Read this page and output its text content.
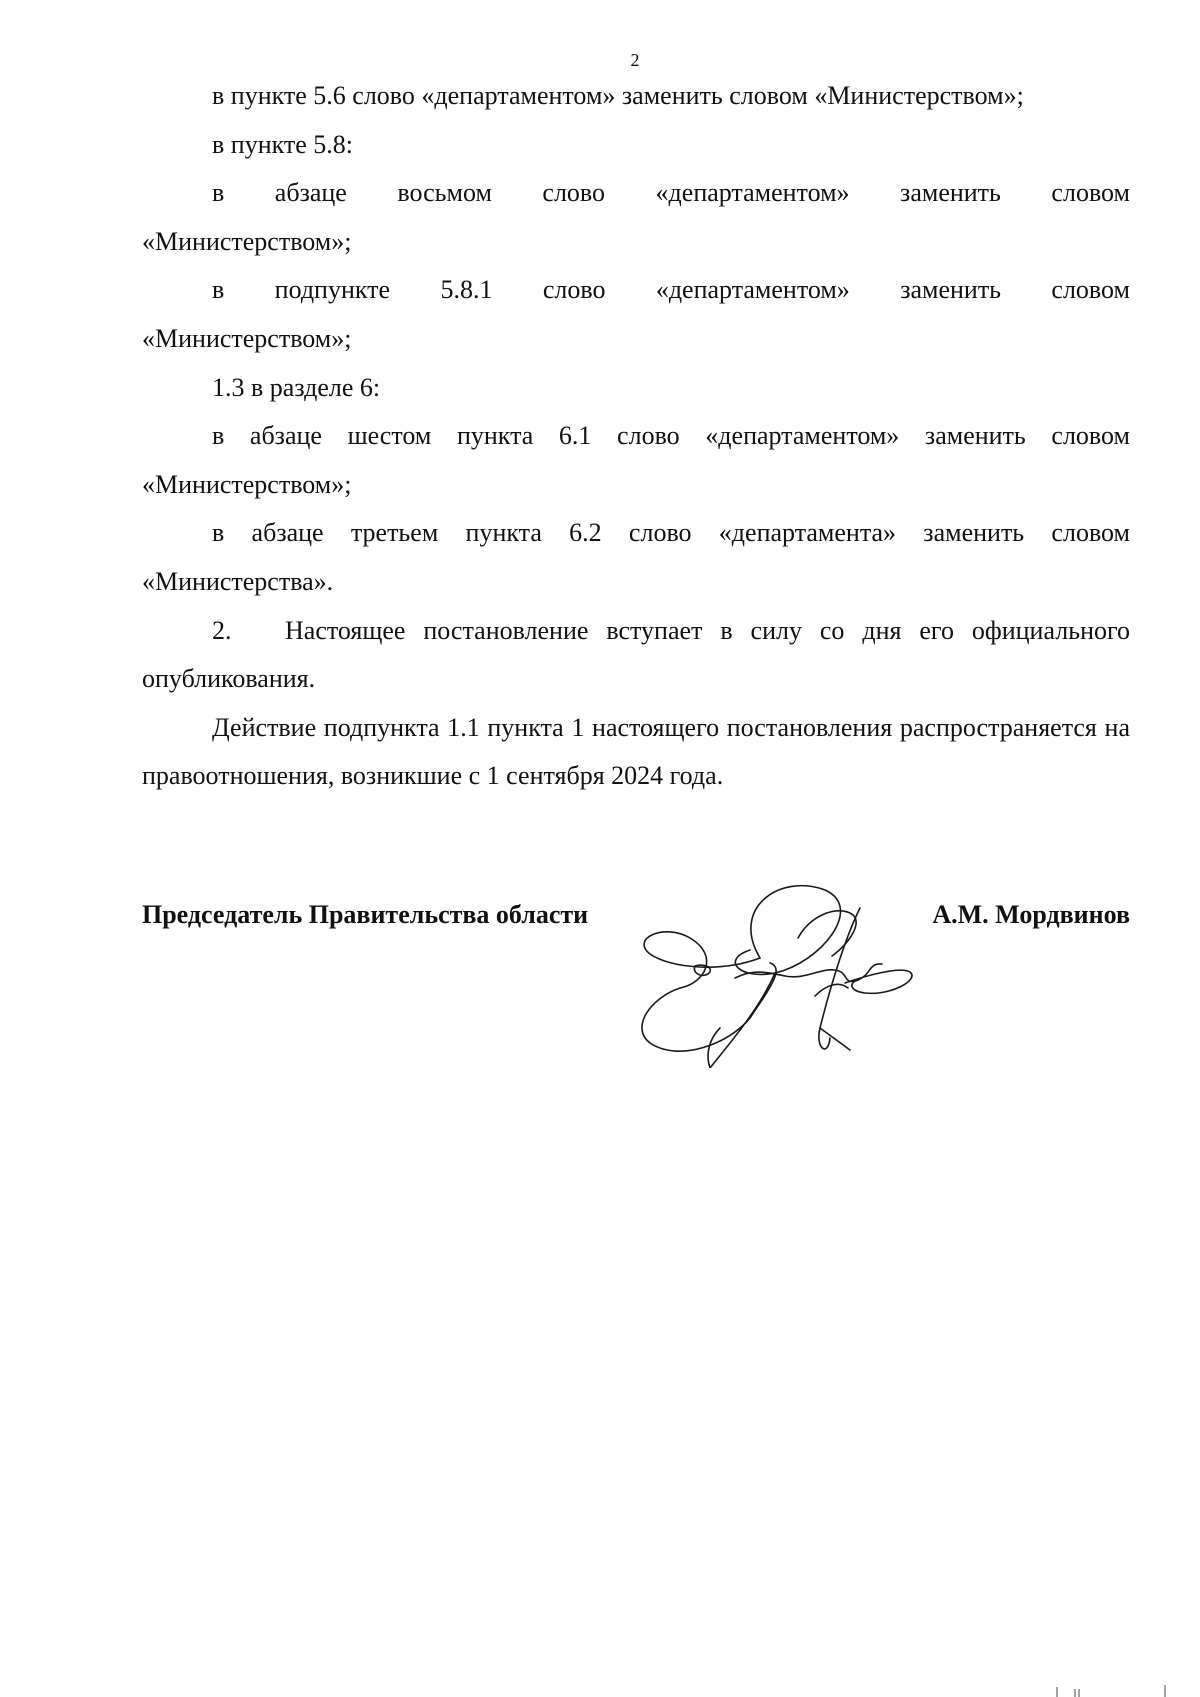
2

в пункте 5.6 слово «департаментом» заменить словом «Министерством»;

в пункте 5.8:

в абзаце восьмом слово «департаментом» заменить словом

«Министерством»;

в подпункте 5.8.1 слово «департаментом» заменить словом

«Министерством»;

1.3 в разделе 6:

в абзаце шестом пункта 6.1 слово «департаментом» заменить словом

«Министерством»;

в абзаце третьем пункта 6.2 слово «департамента» заменить словом

«Министерства».

2. Настоящее постановление вступает в силу со дня его официального опубликования.

Действие подпункта 1.1 пункта 1 настоящего постановления распространяется на правоотношения, возникшие с 1 сентября 2024 года.

Председатель Правительства области	А.М. Мордвинов
